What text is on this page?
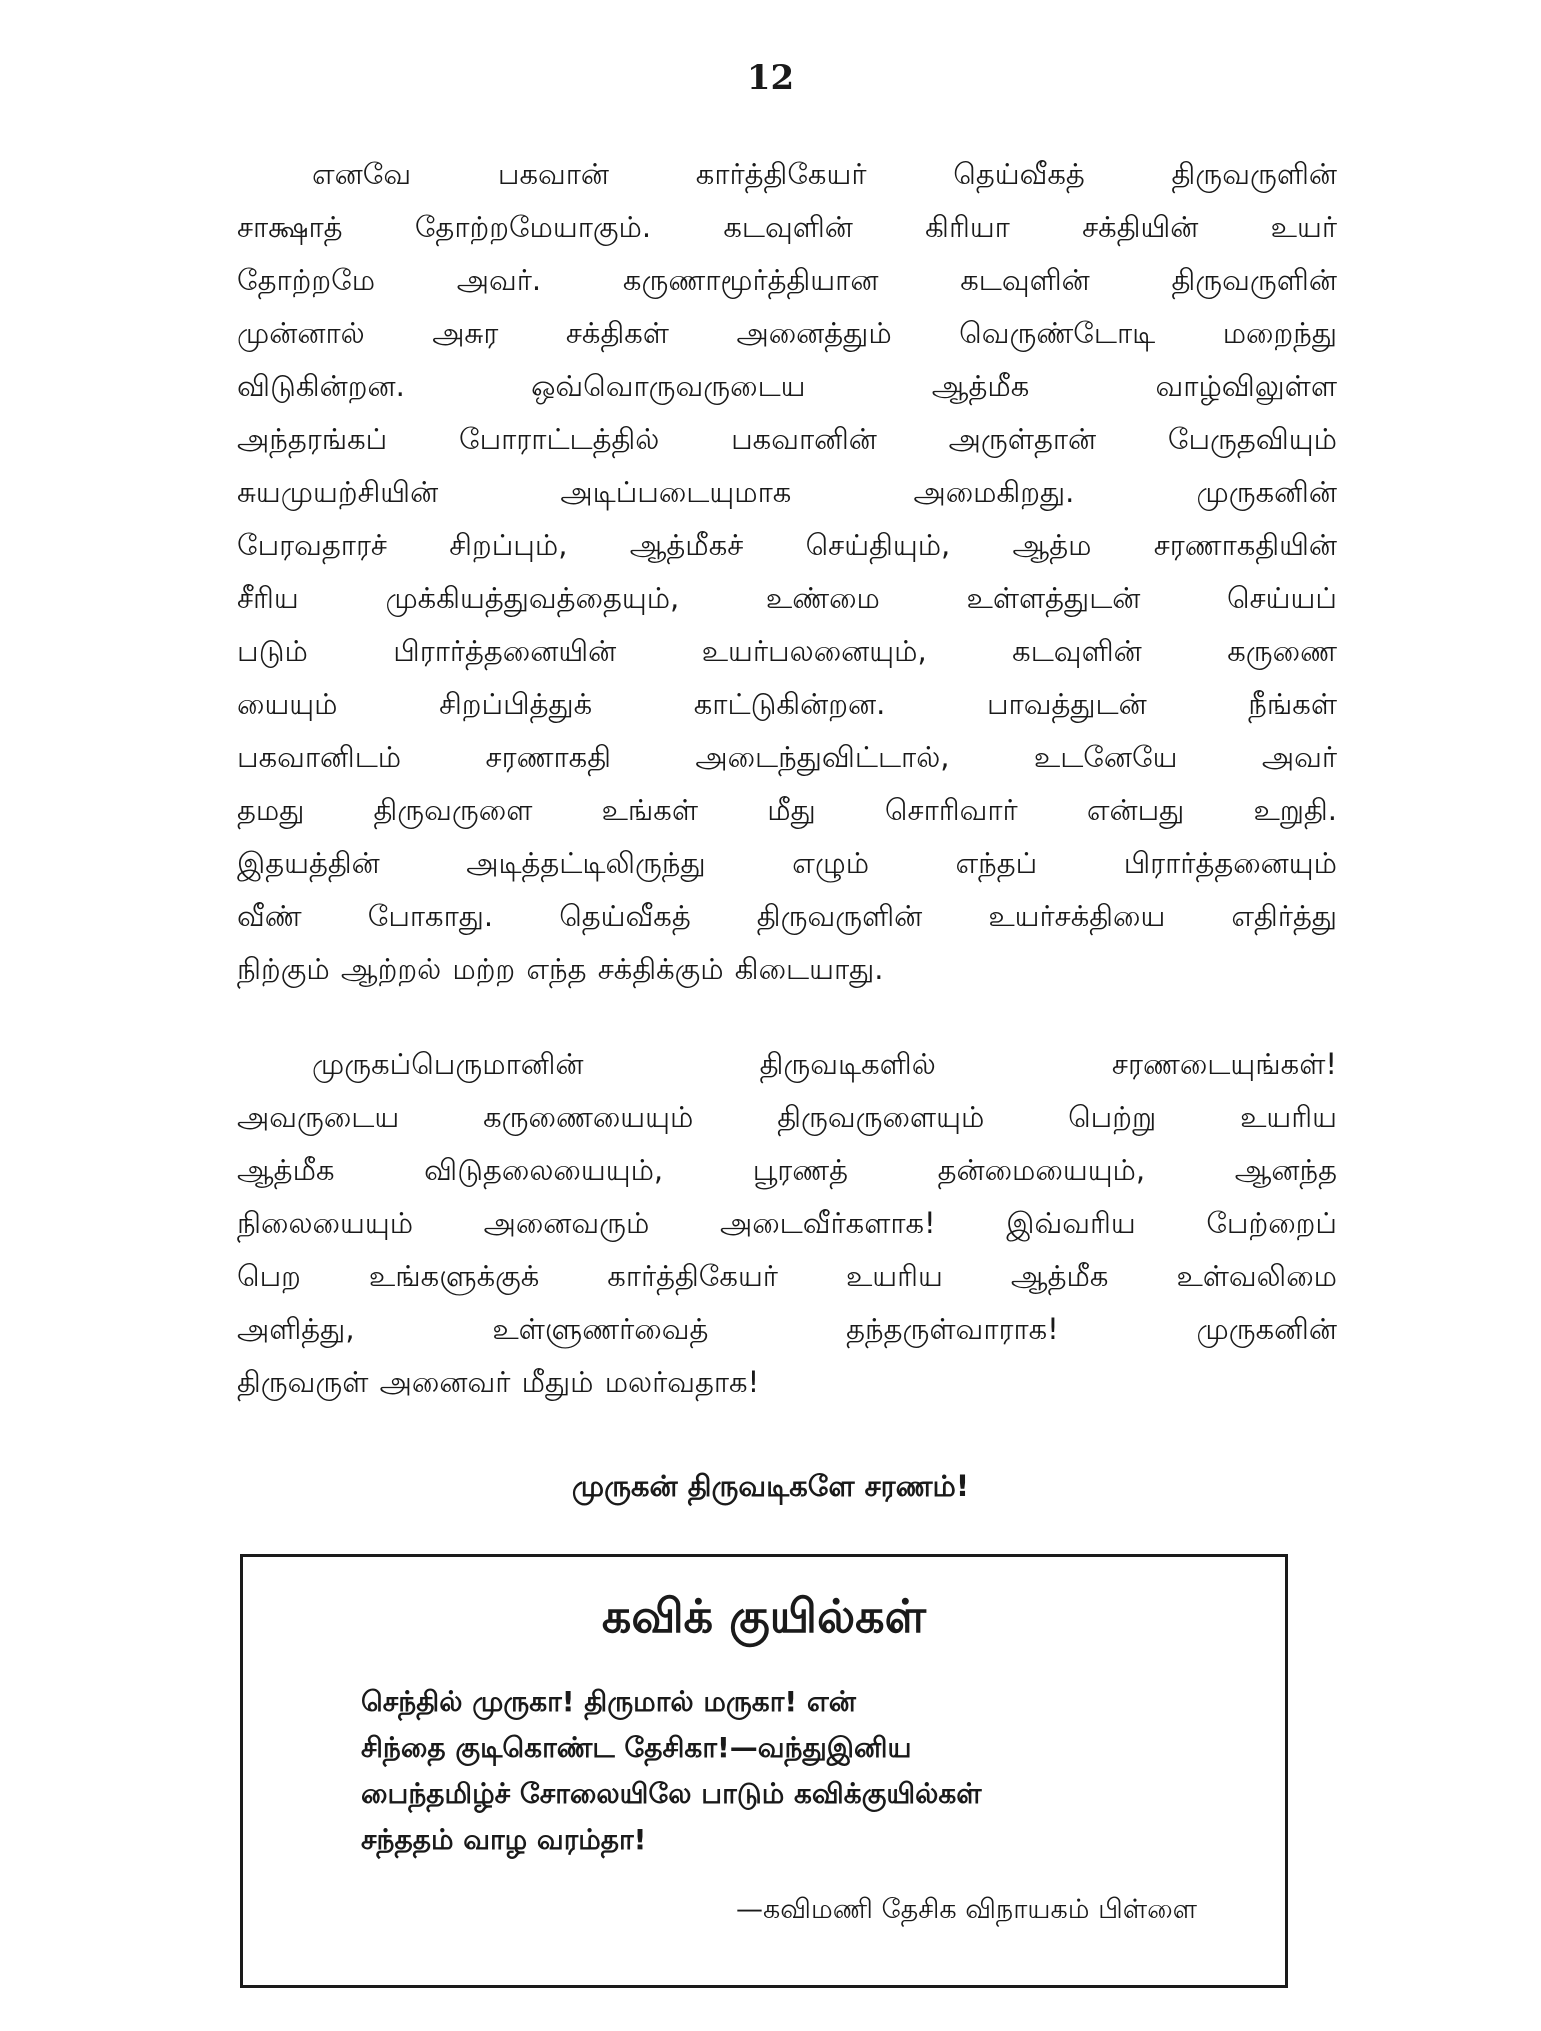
12
எனவே பகவான் கார்த்திகேயர் தெய்வீகத் திருவருளின்
சாக்ஷாத் தோற்றமேயாகும். கடவுளின் கிரியா சக்தியின் உயர்
தோற்றமே அவர். கருணாமூர்த்தியான கடவுளின் திருவருளின்
முன்னால் அசுர சக்திகள் அனைத்தும் வெருண்டோடி மறைந்து
விடுகின்றன. ஒவ்வொருவருடைய ஆத்மீக வாழ்விலுள்ள
அந்தரங்கப் போராட்டத்தில் பகவானின் அருள்தான் பேருதவியும்
சுயமுயற்சியின் அடிப்படையுமாக அமைகிறது. முருகனின்
பேரவதாரச் சிறப்பும், ஆத்மீகச் செய்தியும், ஆத்ம சரணாகதியின்
சீரிய முக்கியத்துவத்தையும், உண்மை உள்ளத்துடன் செய்யப்
படும் பிரார்த்தனையின் உயர்பலனையும், கடவுளின் கருணை
யையும் சிறப்பித்துக் காட்டுகின்றன. பாவத்துடன் நீங்கள்
பகவானிடம் சரணாகதி அடைந்துவிட்டால், உடனேயே அவர்
தமது திருவருளை உங்கள் மீது சொரிவார் என்பது உறுதி.
இதயத்தின் அடித்தட்டிலிருந்து எழும் எந்தப் பிரார்த்தனையும்
வீண் போகாது. தெய்வீகத் திருவருளின் உயர்சக்தியை எதிர்த்து
நிற்கும் ஆற்றல் மற்ற எந்த சக்திக்கும் கிடையாது.
முருகப்பெருமானின் திருவடிகளில் சரணடையுங்கள்!
அவருடைய கருணையையும் திருவருளையும் பெற்று உயரிய
ஆத்மீக விடுதலையையும், பூரணத் தன்மையையும், ஆனந்த
நிலையையும் அனைவரும் அடைவீர்களாக! இவ்வரிய பேற்றைப்
பெற உங்களுக்குக் கார்த்திகேயர் உயரிய ஆத்மீக உள்வலிமை
அளித்து, உள்ளுணர்வைத் தந்தருள்வாராக! முருகனின்
திருவருள் அனைவர் மீதும் மலர்வதாக!
முருகன் திருவடிகளே சரணம்!
கவிக் குயில்கள்
செந்தில் முருகா! திருமால் மருகா! என்
சிந்தை குடிகொண்ட தேசிகா!—வந்துஇனிய
பைந்தமிழ்ச் சோலையிலே பாடும் கவிக்குயில்கள்
சந்ததம் வாழ வரம்தா!
—கவிமணி தேசிக விநாயகம் பிள்ளை
